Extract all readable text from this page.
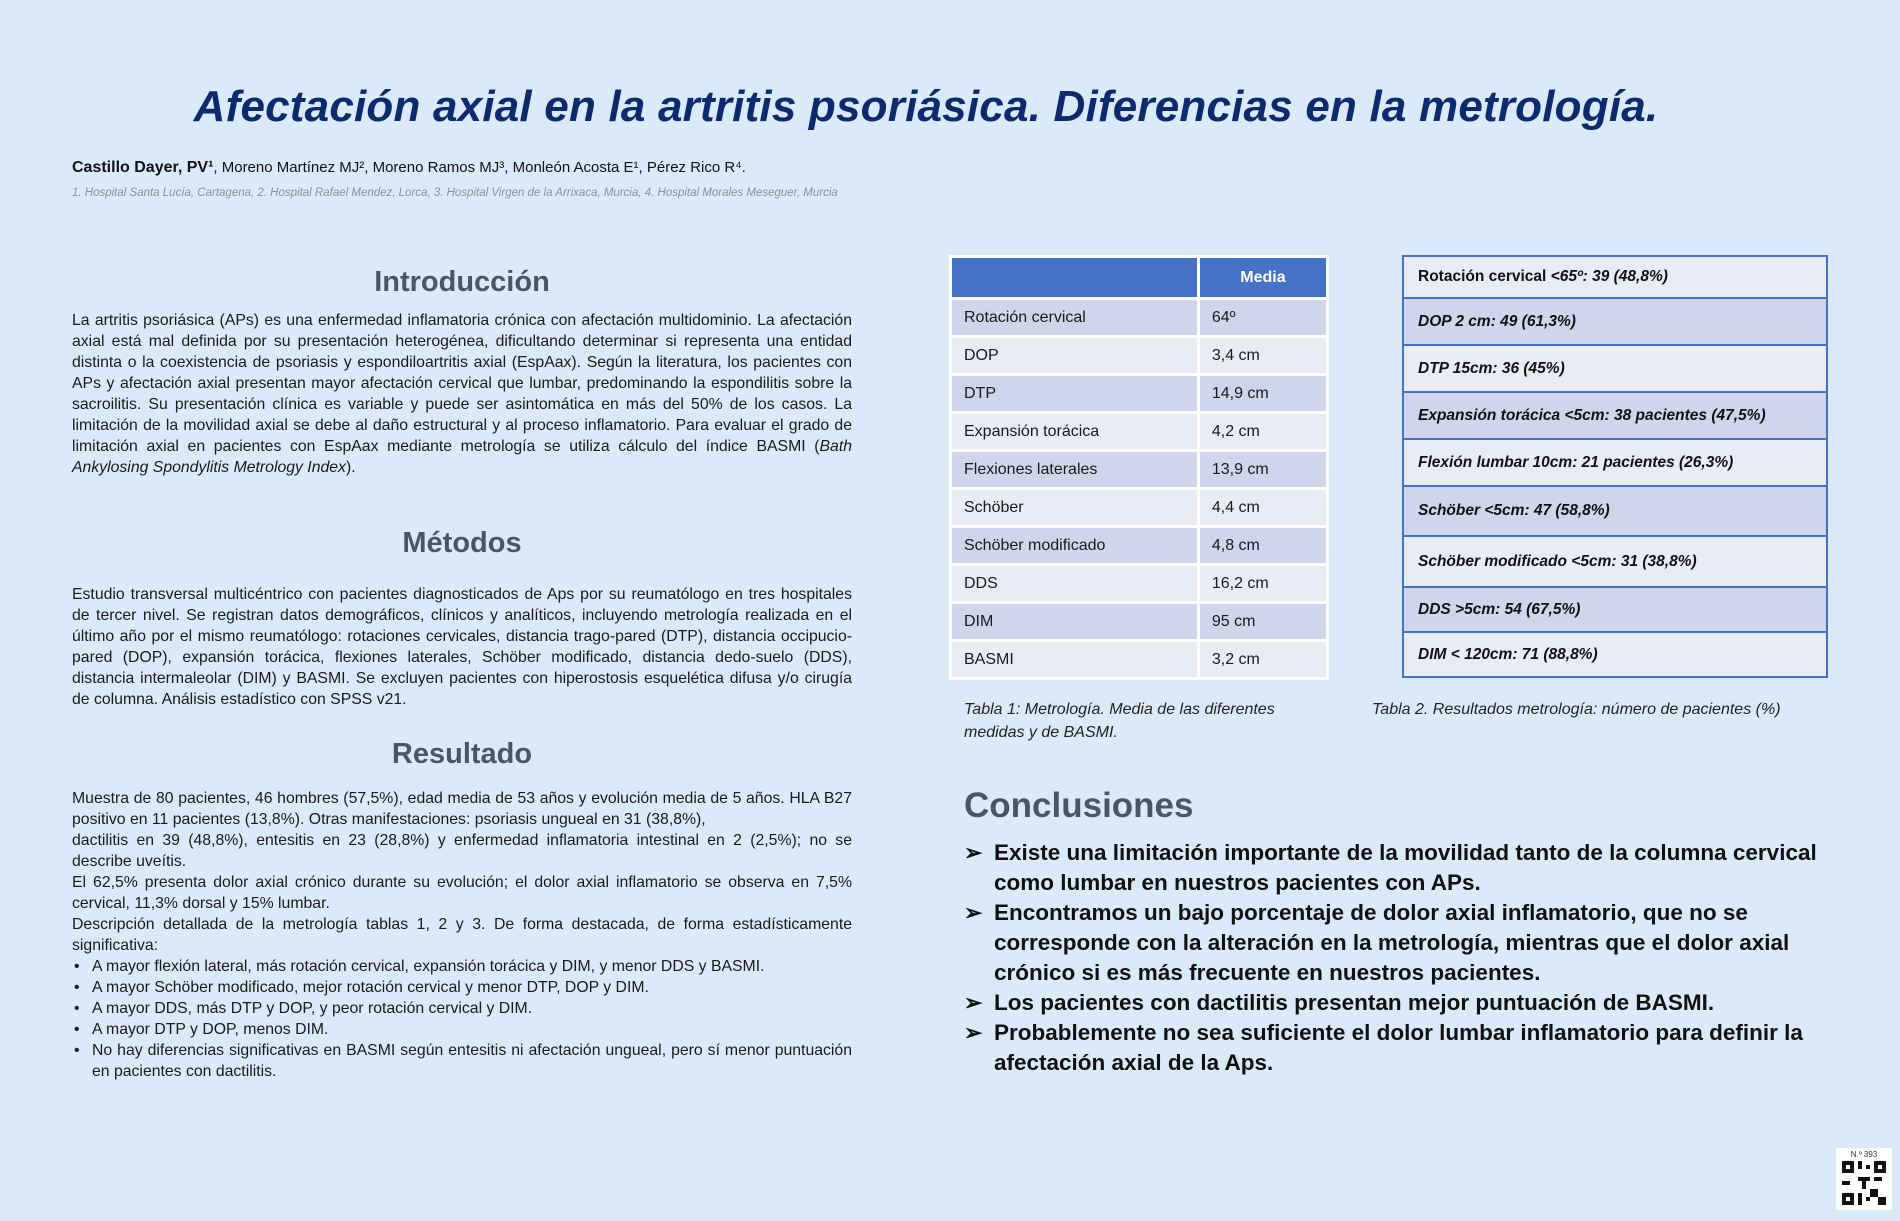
Afectación axial en la artritis psoriásica. Diferencias en la metrología.
Castillo Dayer, PV¹, Moreno Martínez MJ², Moreno Ramos MJ³, Monleón Acosta E¹, Pérez Rico R⁴.
1. Hospital Santa Lucía, Cartagena, 2. Hospital Rafael Mendez, Lorca, 3. Hospital Virgen de la Arrixaca, Murcia, 4. Hospital Morales Meseguer, Murcia
Introducción

La artritis psoriásica (APs) es una enfermedad inflamatoria crónica con afectación multidominio. La afectación axial está mal definida por su presentación heterogénea, dificultando determinar si representa una entidad distinta o la coexistencia de psoriasis y espondiloartritis axial (EspAax). Según la literatura, los pacientes con APs y afectación axial presentan mayor afectación cervical que lumbar, predominando la espondilitis sobre la sacroilitis. Su presentación clínica es variable y puede ser asintomática en más del 50% de los casos. La limitación de la movilidad axial se debe al daño estructural y al proceso inflamatorio. Para evaluar el grado de limitación axial en pacientes con EspAax mediante metrología se utiliza cálculo del índice BASMI (Bath Ankylosing Spondylitis Metrology Index).

Métodos

Estudio transversal multicéntrico con pacientes diagnosticados de Aps por su reumatólogo en tres hospitales de tercer nivel. Se registran datos demográficos, clínicos y analíticos, incluyendo metrología realizada en el último año por el mismo reumatólogo: rotaciones cervicales, distancia trago-pared (DTP), distancia occipucio-pared (DOP), expansión torácica, flexiones laterales, Schöber modificado, distancia dedo-suelo (DDS), distancia intermaleolar (DIM) y BASMI. Se excluyen pacientes con hiperostosis esquelética difusa y/o cirugía de columna. Análisis estadístico con SPSS v21.

Resultado

Muestra de 80 pacientes, 46 hombres (57,5%), edad media de 53 años y evolución media de 5 años. HLA B27 positivo en 11 pacientes (13,8%). Otras manifestaciones: psoriasis ungueal en 31 (38,8%),

dactilitis en 39 (48,8%), entesitis en 23 (28,8%) y enfermedad inflamatoria intestinal en 2 (2,5%); no se describe uveítis.

El 62,5% presenta dolor axial crónico durante su evolución; el dolor axial inflamatorio se observa en 7,5% cervical, 11,3% dorsal y 15% lumbar.

Descripción detallada de la metrología tablas 1, 2 y 3. De forma destacada, de forma estadísticamente significativa:

• A mayor flexión lateral, más rotación cervical, expansión torácica y DIM, y menor DDS y BASMI.
• A mayor Schöber modificado, mejor rotación cervical y menor DTP, DOP y DIM.
• A mayor DDS, más DTP y DOP, y peor rotación cervical y DIM.
• A mayor DTP y DOP, menos DIM.
• No hay diferencias significativas en BASMI según entesitis ni afectación ungueal, pero sí menor puntuación en pacientes con dactilitis.
	Media
Rotación cervical	64º
DOP	3,4 cm
DTP	14,9 cm
Expansión torácica	4,2 cm
Flexiones laterales	13,9 cm
Schöber	4,4 cm
Schöber modificado	4,8 cm
DDS	16,2 cm
DIM	95 cm
BASMI	3,2 cm
Tabla 1: Metrología. Media de las diferentes medidas y de BASMI.
Rotación cervical <65º: 39 (48,8%)
DOP 2 cm: 49 (61,3%)
DTP 15cm: 36 (45%)
Expansión torácica <5cm: 38 pacientes (47,5%)
Flexión lumbar 10cm: 21 pacientes (26,3%)
Schöber <5cm: 47 (58,8%)
Schöber modificado <5cm: 31 (38,8%)
DDS >5cm: 54 (67,5%)
DIM < 120cm: 71 (88,8%)
Tabla 2. Resultados metrología: número de pacientes (%)
Conclusiones
➢ Existe una limitación importante de la movilidad tanto de la columna cervical como lumbar en nuestros pacientes con APs.
➢ Encontramos un bajo porcentaje de dolor axial inflamatorio, que no se corresponde con la alteración en la metrología, mientras que el dolor axial crónico si es más frecuente en nuestros pacientes.
➢ Los pacientes con dactilitis presentan mejor puntuación de BASMI.
➢ Probablemente no sea suficiente el dolor lumbar inflamatorio para definir la afectación axial de la Aps.
N.º 393
